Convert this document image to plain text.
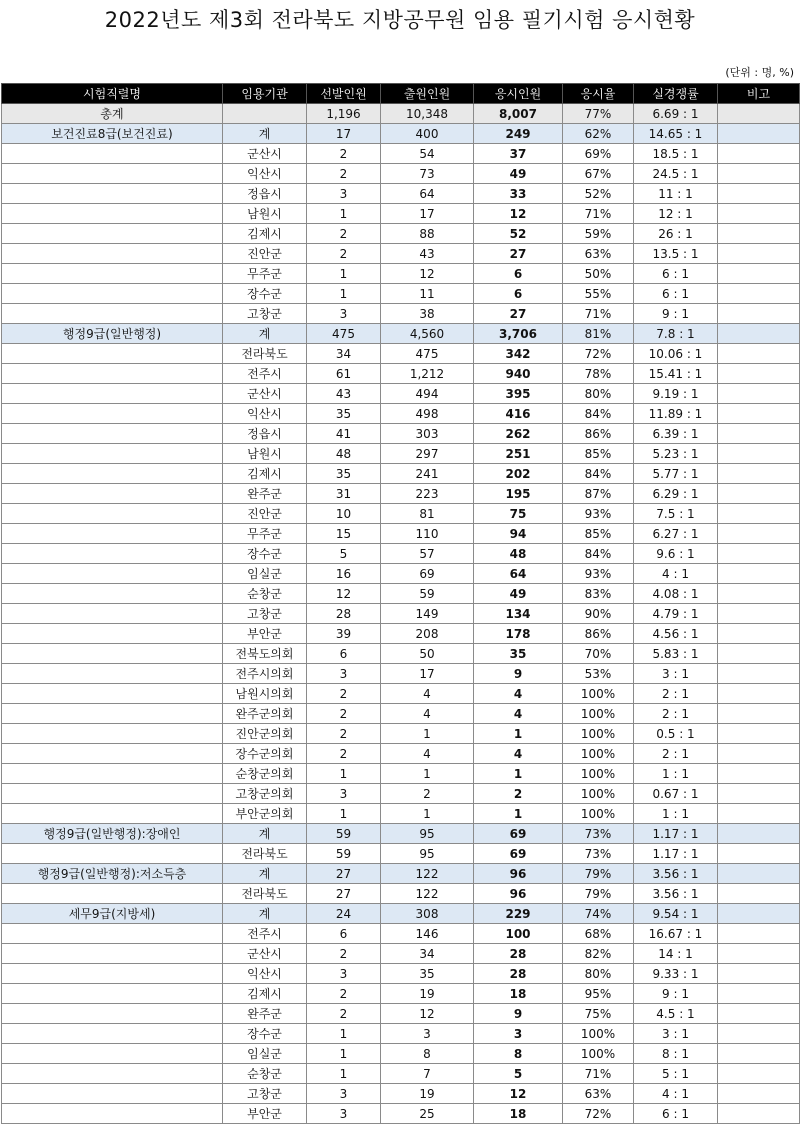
2022년도 제3회 전라북도 지방공무원 임용 필기시험 응시현황
(단위 : 명, %)
시험직렬명	임용기관	선발인원	출원인원	응시인원	응시율	실경쟁률	비고
총계		1,196	10,348	8,007	77%	6.69 : 1	
보건진료8급(보건진료)	계	17	400	249	62%	14.65 : 1	
	군산시	2	54	37	69%	18.5 : 1	
	익산시	2	73	49	67%	24.5 : 1	
	정읍시	3	64	33	52%	11 : 1	
	남원시	1	17	12	71%	12 : 1	
	김제시	2	88	52	59%	26 : 1	
	진안군	2	43	27	63%	13.5 : 1	
	무주군	1	12	6	50%	6 : 1	
	장수군	1	11	6	55%	6 : 1	
	고창군	3	38	27	71%	9 : 1	
행정9급(일반행정)	계	475	4,560	3,706	81%	7.8 : 1	
	전라북도	34	475	342	72%	10.06 : 1	
	전주시	61	1,212	940	78%	15.41 : 1	
	군산시	43	494	395	80%	9.19 : 1	
	익산시	35	498	416	84%	11.89 : 1	
	정읍시	41	303	262	86%	6.39 : 1	
	남원시	48	297	251	85%	5.23 : 1	
	김제시	35	241	202	84%	5.77 : 1	
	완주군	31	223	195	87%	6.29 : 1	
	진안군	10	81	75	93%	7.5 : 1	
	무주군	15	110	94	85%	6.27 : 1	
	장수군	5	57	48	84%	9.6 : 1	
	임실군	16	69	64	93%	4 : 1	
	순창군	12	59	49	83%	4.08 : 1	
	고창군	28	149	134	90%	4.79 : 1	
	부안군	39	208	178	86%	4.56 : 1	
	전북도의회	6	50	35	70%	5.83 : 1	
	전주시의회	3	17	9	53%	3 : 1	
	남원시의회	2	4	4	100%	2 : 1	
	완주군의회	2	4	4	100%	2 : 1	
	진안군의회	2	1	1	100%	0.5 : 1	
	장수군의회	2	4	4	100%	2 : 1	
	순창군의회	1	1	1	100%	1 : 1	
	고창군의회	3	2	2	100%	0.67 : 1	
	부안군의회	1	1	1	100%	1 : 1	
행정9급(일반행정):장애인	계	59	95	69	73%	1.17 : 1	
	전라북도	59	95	69	73%	1.17 : 1	
행정9급(일반행정):저소득층	계	27	122	96	79%	3.56 : 1	
	전라북도	27	122	96	79%	3.56 : 1	
세무9급(지방세)	계	24	308	229	74%	9.54 : 1	
	전주시	6	146	100	68%	16.67 : 1	
	군산시	2	34	28	82%	14 : 1	
	익산시	3	35	28	80%	9.33 : 1	
	김제시	2	19	18	95%	9 : 1	
	완주군	2	12	9	75%	4.5 : 1	
	장수군	1	3	3	100%	3 : 1	
	임실군	1	8	8	100%	8 : 1	
	순창군	1	7	5	71%	5 : 1	
	고창군	3	19	12	63%	4 : 1	
	부안군	3	25	18	72%	6 : 1	
